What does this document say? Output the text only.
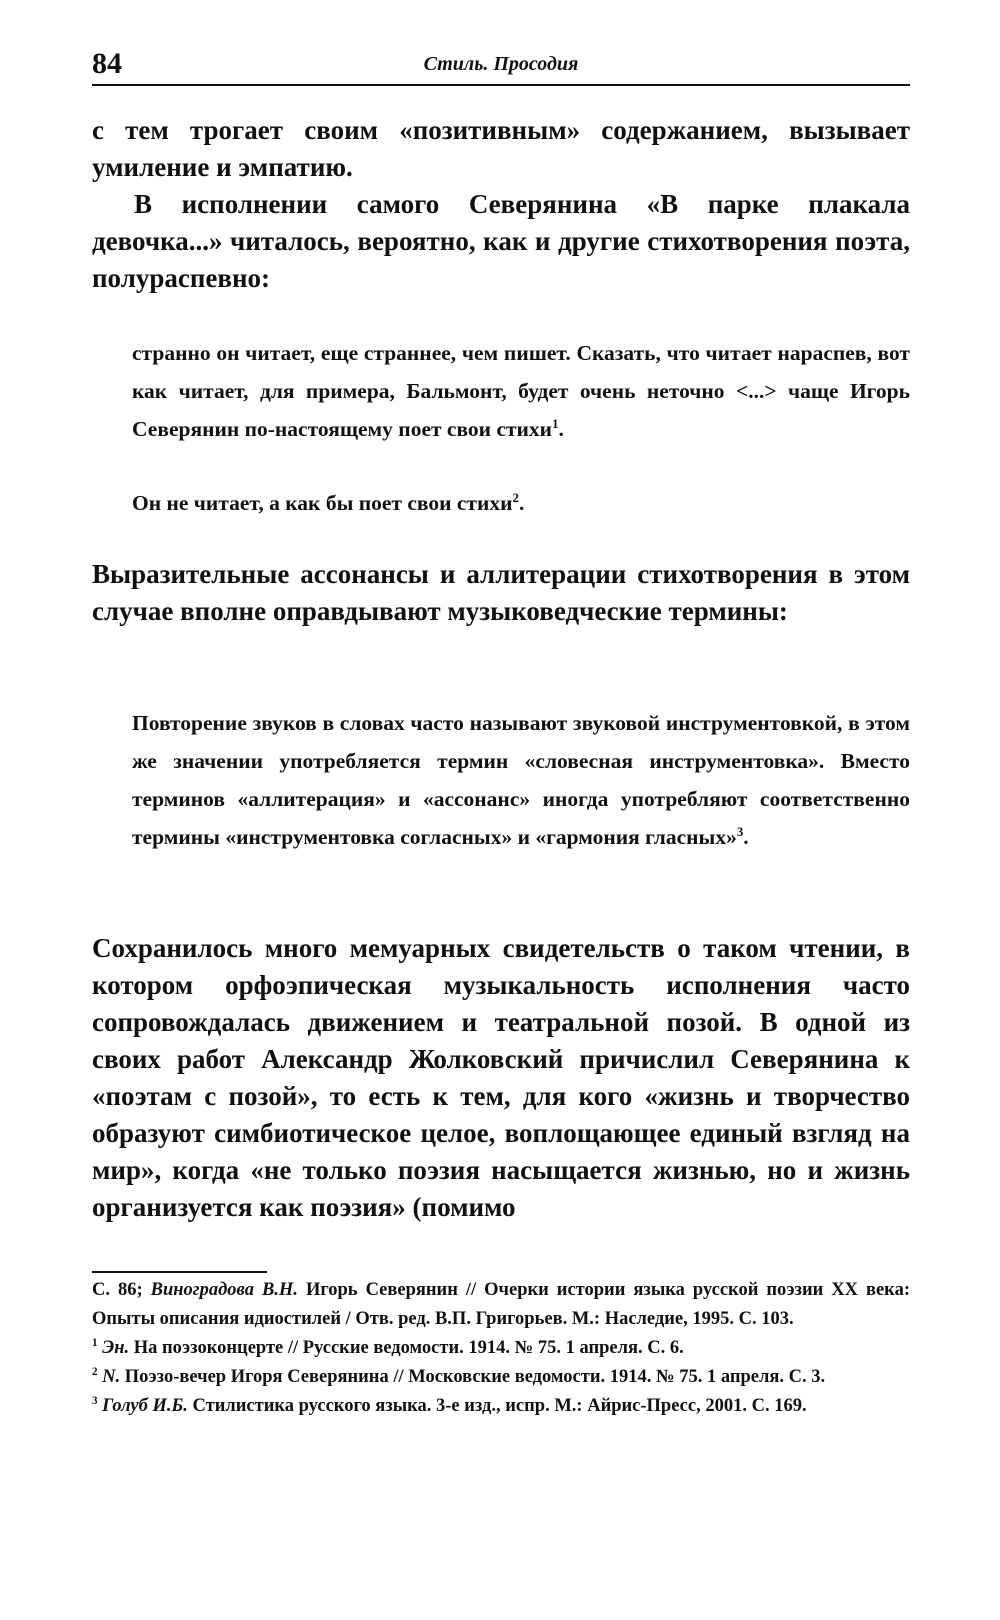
84	Стиль. Просодия

с тем трогает своим «позитивным» содержанием, вызывает умиление и эмпатию.

В исполнении самого Северянина «В парке плакала девочка...» читалось, вероятно, как и другие стихотворения поэта, полураспевно:

странно он читает, еще страннее, чем пишет. Сказать, что читает нараспев, вот как читает, для примера, Бальмонт, будет очень неточно <...> чаще Игорь Северянин по-настоящему поет свои стихи$^1$.

Он не читает, а как бы поет свои стихи$^2$.

Выразительные ассонансы и аллитерации стихотворения в этом случае вполне оправдывают музыковедческие термины:

Повторение звуков в словах часто называют звуковой инструментовкой, в этом же значении употребляется термин «словесная инструментовка». Вместо терминов «аллитерация» и «ассонанс» иногда употребляют соответственно термины «инструментовка согласных» и «гармония гласных»$^3$.

Сохранилось много мемуарных свидетельств о таком чтении, в котором орфоэпическая музыкальность исполнения часто сопровождалась движением и театральной позой. В одной из своих работ Александр Жолковский причислил Северянина к «поэтам с позой», то есть к тем, для кого «жизнь и творчество образуют симбиотическое целое, воплощающее единый взгляд на мир», когда «не только поэзия насыщается жизнью, но и жизнь организуется как поэзия» (помимо

С. 86; Виноградова В.Н. Игорь Северянин // Очерки истории языка русской поэзии XX века: Опыты описания идиостилей / Отв. ред. В.П. Григорьев. М.: Наследие, 1995. С. 103.

$^1$ Эн. На поэзоконцерте // Русские ведомости. 1914. № 75. 1 апреля. С. 6.

$^2$ N. Поэзо-вечер Игоря Северянина // Московские ведомости. 1914. № 75. 1 апреля. С. 3.

$^3$ Голуб И.Б. Стилистика русского языка. 3-е изд., испр. М.: Айрис-Пресс, 2001. С. 169.
